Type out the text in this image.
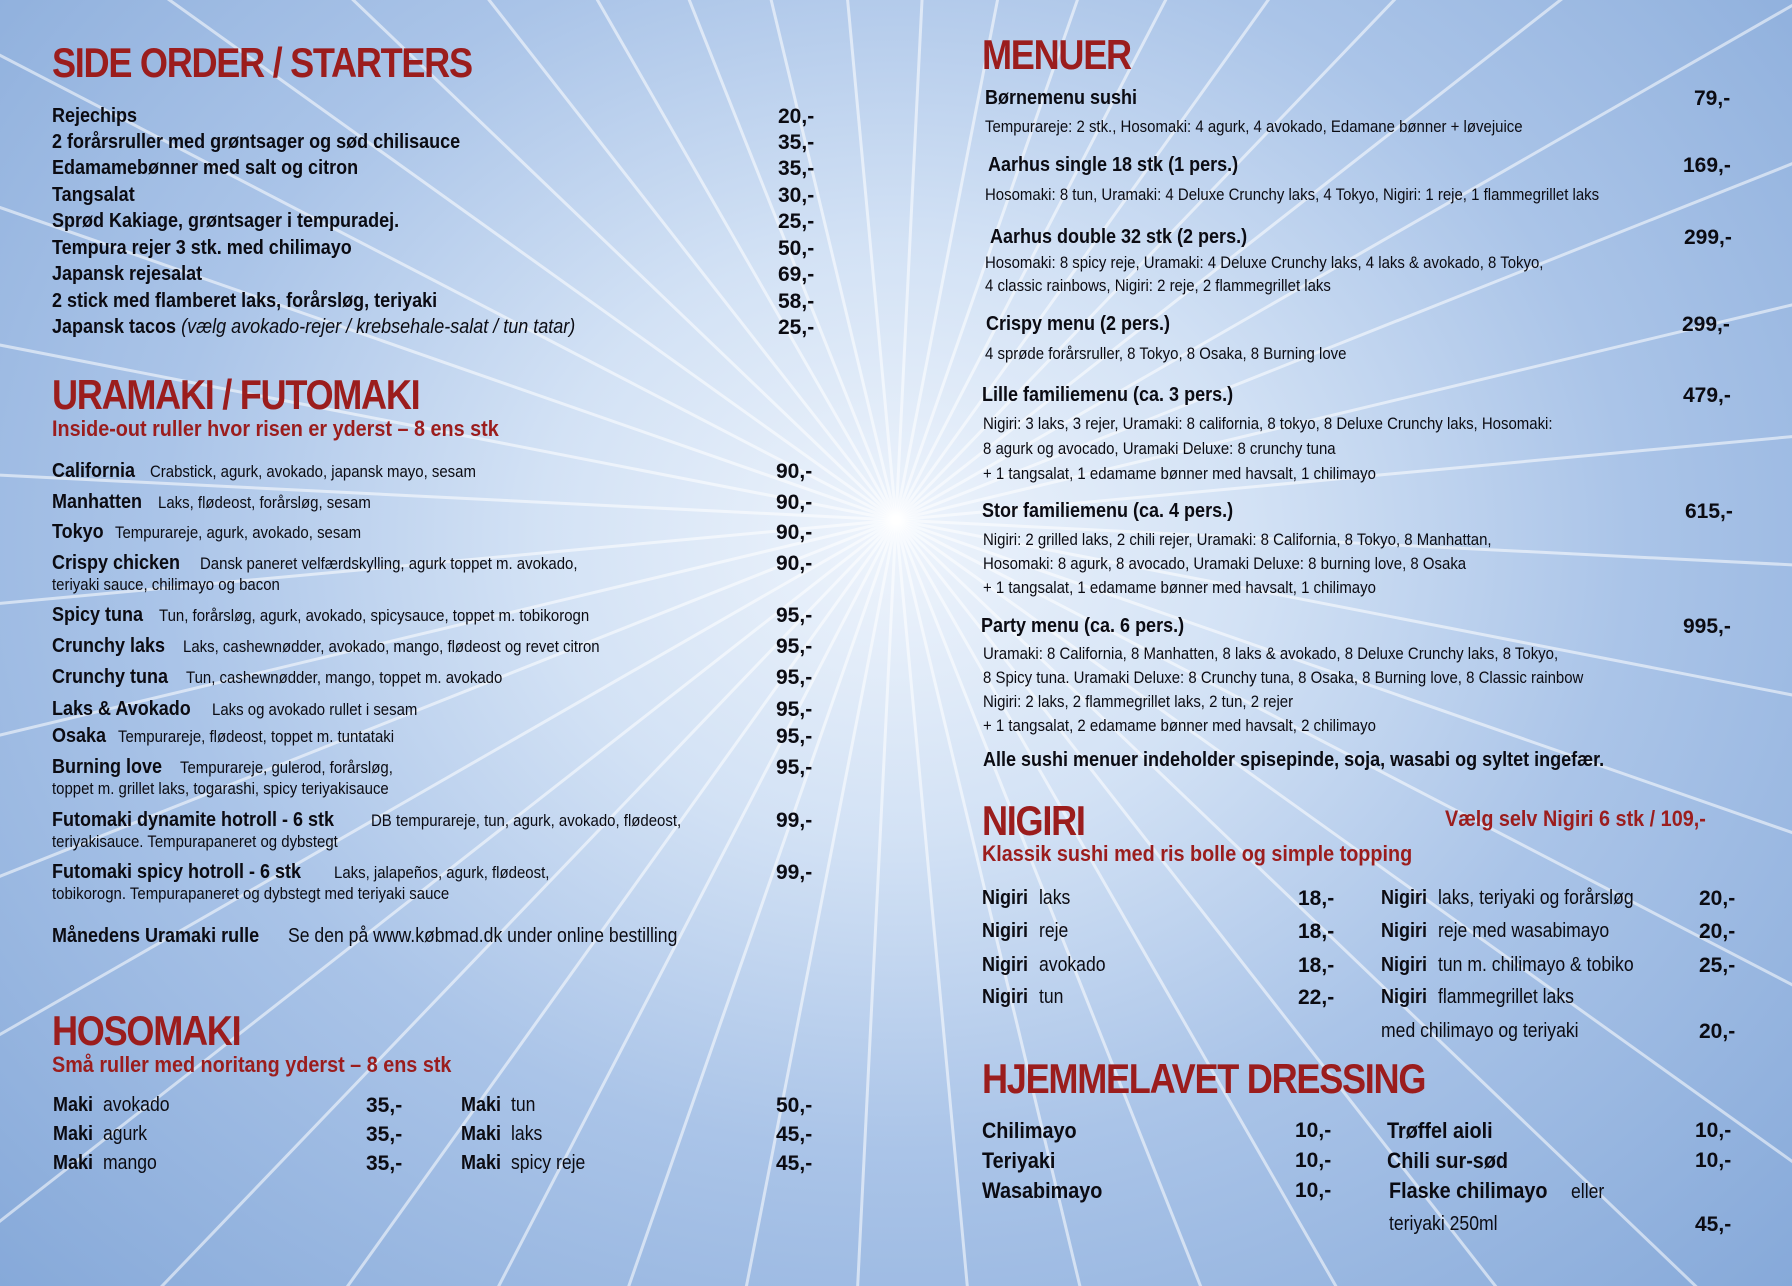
SIDE ORDER / STARTERS
Rejechips	20,-
2 forårsruller med grøntsager og sød chilisauce	35,-
Edamamebønner med salt og citron	35,-
Tangsalat	30,-
Sprød Kakiage, grøntsager i tempuradej.	25,-
Tempura rejer 3 stk. med chilimayo	50,-
Japansk rejesalat	69,-
2 stick med flamberet laks, forårsløg, teriyaki	58,-
Japansk tacos (vælg avokado-rejer / krebsehale-salat / tun tatar)	25,-
URAMAKI / FUTOMAKI
Inside-out ruller hvor risen er yderst – 8 ens stk
California Crabstick, agurk, avokado, japansk mayo, sesam	90,-
Manhatten Laks, flødeost, forårsløg, sesam	90,-
Tokyo Tempurareje, agurk, avokado, sesam	90,-
Crispy chicken Dansk paneret velfærdskylling, agurk toppet m. avokado,
teriyaki sauce, chilimayo og bacon
90,-
Spicy tuna Tun, forårsløg, agurk, avokado, spicysauce, toppet m. tobikorogn	95,-
Crunchy laks Laks, cashewnødder, avokado, mango, flødeost og revet citron	95,-
Crunchy tuna Tun, cashewnødder, mango, toppet m. avokado	95,-
Laks & Avokado Laks og avokado rullet i sesam	95,-
Osaka Tempurareje, flødeost, toppet m. tuntataki	95,-
Burning love Tempurareje, gulerod, forårsløg,
toppet m. grillet laks, togarashi, spicy teriyakisauce
95,-
Futomaki dynamite hotroll - 6 stk DB tempurareje, tun, agurk, avokado, flødeost,
teriyakisauce. Tempurapaneret og dybstegt
99,-
Futomaki spicy hotroll - 6 stk Laks, jalapeños, agurk, flødeost,
tobikorogn. Tempurapaneret og dybstegt med teriyaki sauce
99,-
Månedens Uramaki rulle Se den på www.købmad.dk under online bestilling
HOSOMAKI
Små ruller med noritang yderst – 8 ens stk
Maki avokado	35,-
Maki agurk	35,-
Maki mango	35,-
Maki tun	50,-
Maki laks	45,-
Maki spicy reje	45,-
MENUER
Børnemenu sushi	79,-
Tempurareje: 2 stk., Hosomaki: 4 agurk, 4 avokado, Edamane bønner + løvejuice
Aarhus single 18 stk (1 pers.)	169,-
Hosomaki: 8 tun, Uramaki: 4 Deluxe Crunchy laks, 4 Tokyo, Nigiri: 1 reje, 1 flammegrillet laks
Aarhus double 32 stk (2 pers.)	299,-
Hosomaki: 8 spicy reje, Uramaki: 4 Deluxe Crunchy laks, 4 laks & avokado, 8 Tokyo,
4 classic rainbows, Nigiri: 2 reje, 2 flammegrillet laks
Crispy menu (2 pers.)	299,-
4 sprøde forårsruller, 8 Tokyo, 8 Osaka, 8 Burning love
Lille familiemenu (ca. 3 pers.)	479,-
Nigiri: 3 laks, 3 rejer, Uramaki: 8 california, 8 tokyo, 8 Deluxe Crunchy laks, Hosomaki:
8 agurk og avocado, Uramaki Deluxe: 8 crunchy tuna
+ 1 tangsalat, 1 edamame bønner med havsalt, 1 chilimayo
Stor familiemenu (ca. 4 pers.)	615,-
Nigiri: 2 grilled laks, 2 chili rejer, Uramaki: 8 California, 8 Tokyo, 8 Manhattan,
Hosomaki: 8 agurk, 8 avocado, Uramaki Deluxe: 8 burning love, 8 Osaka
+ 1 tangsalat, 1 edamame bønner med havsalt, 1 chilimayo
Party menu (ca. 6 pers.)	995,-
Uramaki: 8 California, 8 Manhatten, 8 laks & avokado, 8 Deluxe Crunchy laks, 8 Tokyo,
8 Spicy tuna. Uramaki Deluxe: 8 Crunchy tuna, 8 Osaka, 8 Burning love, 8 Classic rainbow
Nigiri: 2 laks, 2 flammegrillet laks, 2 tun, 2 rejer
+ 1 tangsalat, 2 edamame bønner med havsalt, 2 chilimayo
Alle sushi menuer indeholder spisepinde, soja, wasabi og syltet ingefær.
NIGIRI	Vælg selv Nigiri 6 stk / 109,-
Klassik sushi med ris bolle og simple topping
Nigiri laks	18,-
Nigiri reje	18,-
Nigiri avokado	18,-
Nigiri tun	22,-
Nigiri laks, teriyaki og forårsløg	20,-
Nigiri reje med wasabimayo	20,-
Nigiri tun m. chilimayo & tobiko	25,-
Nigiri flammegrillet laks
med chilimayo og teriyaki	20,-
HJEMMELAVET DRESSING
Chilimayo	10,-
Teriyaki	10,-
Wasabimayo	10,-
Trøffel aioli	10,-
Chili sur-sød	10,-
Flaske chilimayo eller
teriyaki 250ml	45,-
